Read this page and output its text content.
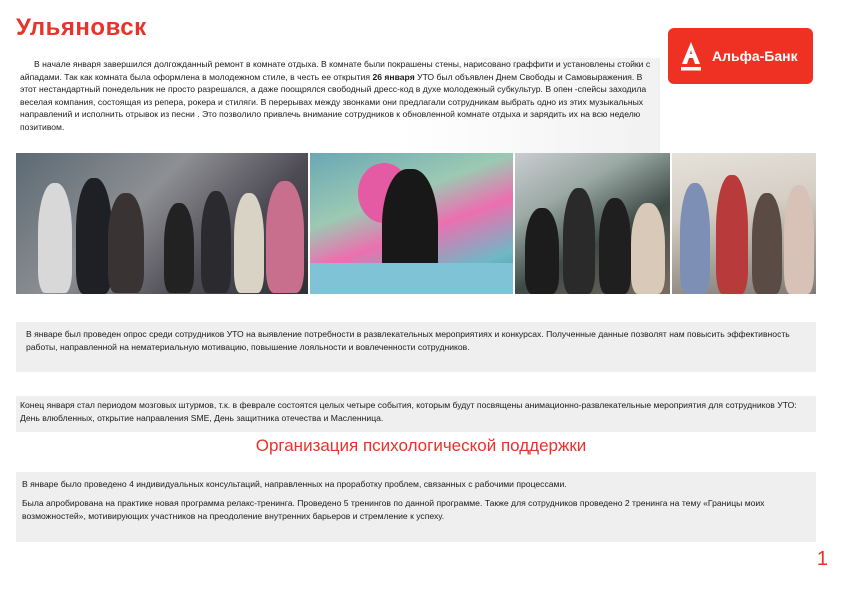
Ульяновск
Альфа-Банк
В начале января завершился долгожданный ремонт в комнате отдыха. В комнате были покрашены стены, нарисовано граффити и установлены стойки с айпадами. Так как комната была оформлена в молодежном стиле, в честь ее открытия 26 января УТО был объявлен Днем Свободы и Самовыражения. В этот нестандартный понедельник не просто разрешался, а даже поощрялся свободный дресс-код в духе молодежный субкультур. В опен -спейсы заходила веселая компания, состоящая из репера, рокера и стиляги. В перерывах между звонками они предлагали сотрудникам выбрать одно из этих музыкальных направлений и исполнить отрывок из песни . Это позволило привлечь внимание сотрудников к обновленной комнате отдыха и зарядить их на всю неделю позитивом.
В январе был проведен опрос среди сотрудников УТО на выявление потребности в развлекательных мероприятиях и конкурсах. Полученные данные позволят нам повысить эффективность работы, направленной на нематериальную мотивацию, повышение лояльности и вовлеченности сотрудников.
Конец января стал периодом мозговых штурмов, т.к. в феврале состоятся целых четыре события, которым будут посвящены анимационно-развлекательные мероприятия для сотрудников УТО: День влюбленных, открытие направления SME, День защитника отечества и Масленница.
Организация психологической поддержки

В январе было проведено 4 индивидуальных консультаций, направленных на проработку проблем, связанных с рабочими процессами.

Была апробирована на практике новая программа релакс-тренинга. Проведено 5 тренингов по данной программе. Также для сотрудников проведено 2 тренинга на тему «Границы моих возможностей», мотивирующих участников на преодоление внутренних барьеров и стремление к успеху.

1
